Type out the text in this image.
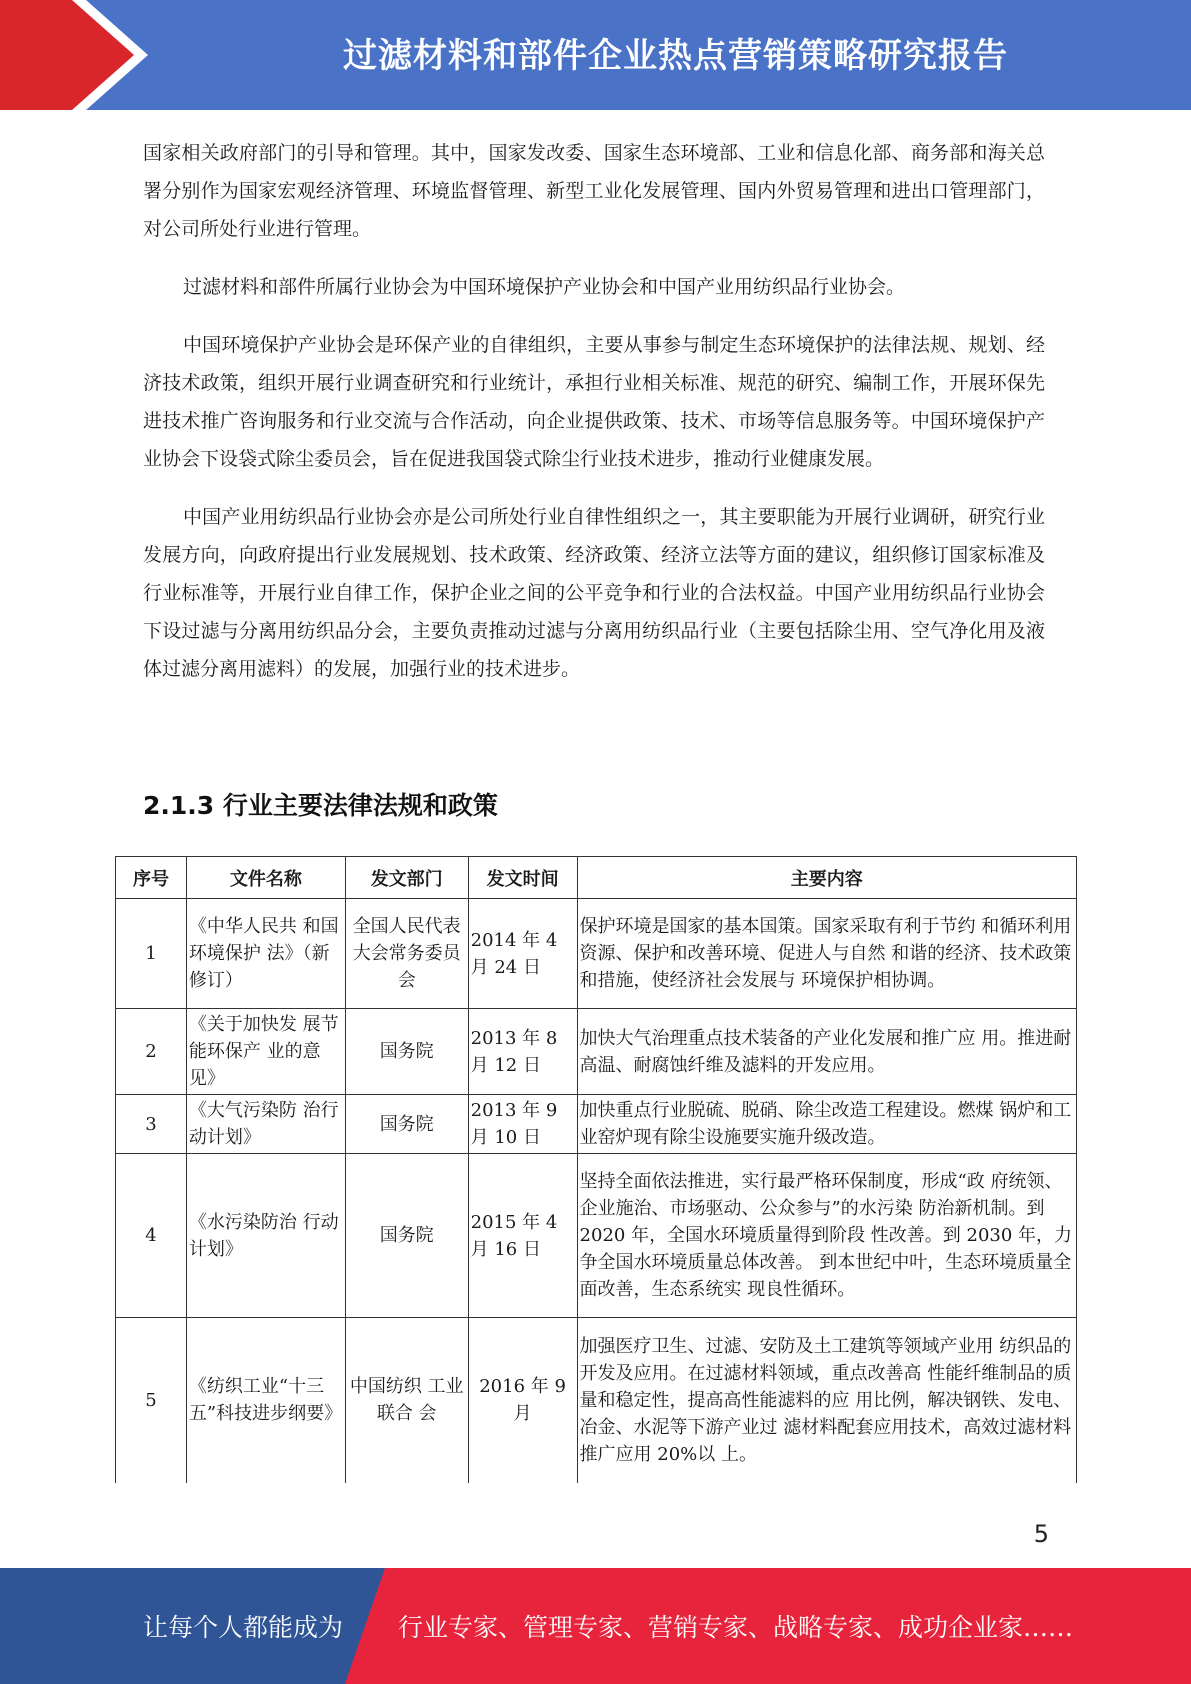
过滤材料和部件企业热点营销策略研究报告

国家相关政府部门的引导和管理。其中，国家发改委、国家生态环境部、工业和信息化部、商务部和海关总署分别作为国家宏观经济管理、环境监督管理、新型工业化发展管理、国内外贸易管理和进出口管理部门，对公司所处行业进行管理。

过滤材料和部件所属行业协会为中国环境保护产业协会和中国产业用纺织品行业协会。

中国环境保护产业协会是环保产业的自律组织，主要从事参与制定生态环境保护的法律法规、规划、经济技术政策，组织开展行业调查研究和行业统计，承担行业相关标准、规范的研究、编制工作，开展环保先进技术推广咨询服务和行业交流与合作活动，向企业提供政策、技术、市场等信息服务等。中国环境保护产业协会下设袋式除尘委员会，旨在促进我国袋式除尘行业技术进步，推动行业健康发展。

中国产业用纺织品行业协会亦是公司所处行业自律性组织之一，其主要职能为开展行业调研，研究行业发展方向，向政府提出行业发展规划、技术政策、经济政策、经济立法等方面的建议，组织修订国家标准及行业标准等，开展行业自律工作，保护企业之间的公平竞争和行业的合法权益。中国产业用纺织品行业协会下设过滤与分离用纺织品分会，主要负责推动过滤与分离用纺织品行业（主要包括除尘用、空气净化用及液体过滤分离用滤料）的发展，加强行业的技术进步。

2.1.3 行业主要法律法规和政策
序号	文件名称	发文部门	发文时间	主要内容
1	《中华人民共 和国环境保护 法》（新修订）	全国人民代表大会常务委员会	2014 年 4 月 24 日	保护环境是国家的基本国策。国家采取有利于节约 和循环利用资源、保护和改善环境、促进人与自然 和谐的经济、技术政策和措施，使经济社会发展与 环境保护相协调。
2	《关于加快发 展节能环保产 业的意见》	国务院	2013 年 8 月 12 日	加快大气治理重点技术装备的产业化发展和推广应 用。推进耐高温、耐腐蚀纤维及滤料的开发应用。
3	《大气污染防 治行动计划》	国务院	2013 年 9 月 10 日	加快重点行业脱硫、脱硝、除尘改造工程建设。燃煤 锅炉和工业窑炉现有除尘设施要实施升级改造。
4	《水污染防治 行动计划》	国务院	2015 年 4 月 16 日	坚持全面依法推进，实行最严格环保制度，形成“政 府统领、企业施治、市场驱动、公众参与”的水污染 防治新机制。到 2020 年，全国水环境质量得到阶段 性改善。到 2030 年，力争全国水环境质量总体改善。 到本世纪中叶，生态环境质量全面改善，生态系统实 现良性循环。
5	《纺织工业“十三五”科技进步纲要》	中国纺织 工业联合 会	2016 年 9 月	加强医疗卫生、过滤、安防及土工建筑等领域产业用 纺织品的开发及应用。在过滤材料领域，重点改善高 性能纤维制品的质量和稳定性，提高高性能滤料的应 用比例，解决钢铁、发电、冶金、水泥等下游产业过 滤材料配套应用技术，高效过滤材料推广应用 20%以 上。
5
让每个人都能成为 行业专家、管理专家、营销专家、战略专家、成功企业家……
